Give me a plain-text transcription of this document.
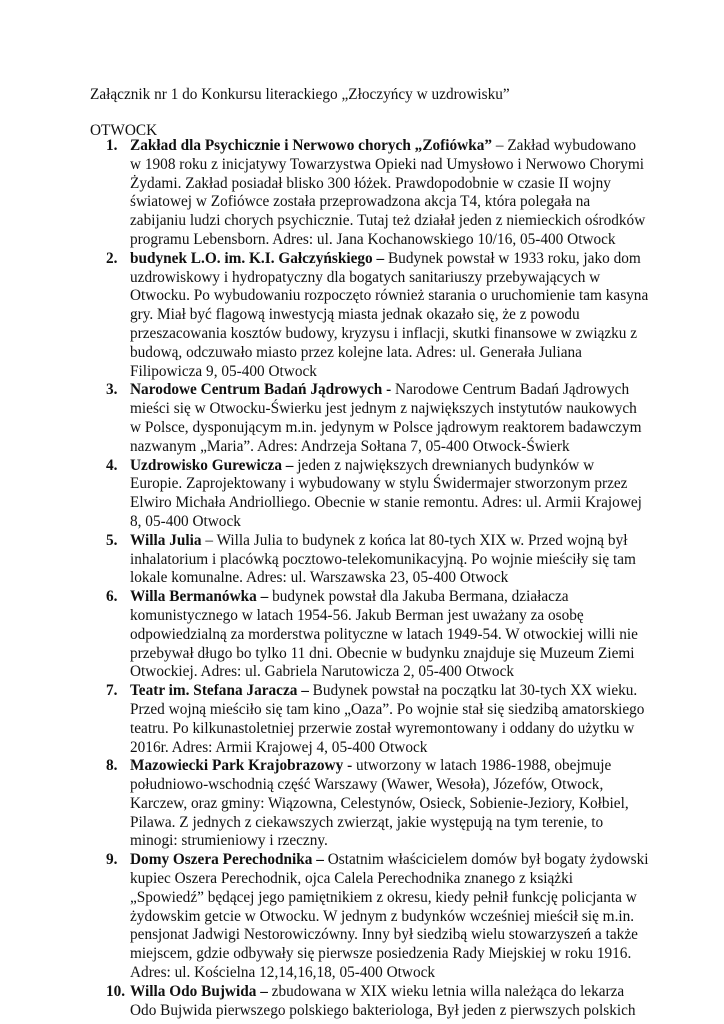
Załącznik nr 1 do Konkursu literackiego „Złoczyńcy w uzdrowisku”
OTWOCK
1. Zakład dla Psychicznie i Nerwowo chorych „Zofiówka” – Zakład wybudowano w 1908 roku z inicjatywy Towarzystwa Opieki nad Umysłowo i Nerwowo Chorymi Żydami. Zakład posiadał blisko 300 łóżek. Prawdopodobnie w czasie II wojny światowej w Zofiówce została przeprowadzona akcja T4, która polegała na zabijaniu ludzi chorych psychicznie. Tutaj też działał jeden z niemieckich ośrodków programu Lebensborn. Adres: ul. Jana Kochanowskiego 10/16, 05-400 Otwock
2. budynek L.O. im. K.I. Gałczyńskiego – Budynek powstał w 1933 roku, jako dom uzdrowiskowy i hydropatyczny dla bogatych sanitariuszy przebywających w Otwocku. Po wybudowaniu rozpoczęto również starania o uruchomienie tam kasyna gry. Miał być flagową inwestycją miasta jednak okazało się, że z powodu przeszacowania kosztów budowy, kryzysu i inflacji, skutki finansowe w związku z budową, odczuwało miasto przez kolejne lata. Adres: ul. Generała Juliana Filipowicza 9, 05-400 Otwock
3. Narodowe Centrum Badań Jądrowych - Narodowe Centrum Badań Jądrowych mieści się w Otwocku-Świerku jest jednym z największych instytutów naukowych w Polsce, dysponującym m.in. jedynym w Polsce jądrowym reaktorem badawczym nazwanym „Maria”. Adres: Andrzeja Sołtana 7, 05-400 Otwock-Świerk
4. Uzdrowisko Gurewicza – jeden z największych drewnianych budynków w Europie. Zaprojektowany i wybudowany w stylu Świdermajer stworzonym przez Elwiro Michała Andriolliego. Obecnie w stanie remontu. Adres: ul. Armii Krajowej 8, 05-400 Otwock
5. Willa Julia – Willa Julia to budynek z końca lat 80-tych XIX w. Przed wojną był inhalatorium i placówką pocztowo-telekomunikacyjną. Po wojnie mieściły się tam lokale komunalne. Adres: ul. Warszawska 23, 05-400 Otwock
6. Willa Bermanówka – budynek powstał dla Jakuba Bermana, działacza komunistycznego w latach 1954-56. Jakub Berman jest uważany za osobę odpowiedzialną za morderstwa polityczne w latach 1949-54. W otwockiej willi nie przebywał długo bo tylko 11 dni. Obecnie w budynku znajduje się Muzeum Ziemi Otwockiej. Adres: ul. Gabriela Narutowicza 2, 05-400 Otwock
7. Teatr im. Stefana Jaracza – Budynek powstał na początku lat 30-tych XX wieku. Przed wojną mieściło się tam kino „Oaza”. Po wojnie stał się siedzibą amatorskiego teatru. Po kilkunastoletniej przerwie został wyremontowany i oddany do użytku w 2016r. Adres: Armii Krajowej 4, 05-400 Otwock
8. Mazowiecki Park Krajobrazowy - utworzony w latach 1986-1988, obejmuje południowo-wschodnią część Warszawy (Wawer, Wesoła), Józefów, Otwock, Karczew, oraz gminy: Wiązowna, Celestynów, Osieck, Sobienie-Jeziory, Kołbiel, Pilawa. Z jednych z ciekawszych zwierząt, jakie występują na tym terenie, to minogi: strumieniowy i rzeczny.
9. Domy Oszera Perechodnika – Ostatnim właścicielem domów był bogaty żydowski kupiec Oszera Perechodnik, ojca Calela Perechodnika znanego z książki „Spowiedź” będącej jego pamiętnikiem z okresu, kiedy pełnił funkcję policjanta w żydowskim getcie w Otwocku. W jednym z budynków wcześniej mieścił się m.in. pensjonat Jadwigi Nestorowiczówny. Inny był siedzibą wielu stowarzyszeń a także miejscem, gdzie odbywały się pierwsze posiedzenia Rady Miejskiej w roku 1916. Adres: ul. Kościelna 12,14,16,18, 05-400 Otwock
10. Willa Odo Bujwida – zbudowana w XIX wieku letnia willa należąca do lekarza Odo Bujwida pierwszego polskiego bakteriologa, Był jeden z pierwszych polskich
